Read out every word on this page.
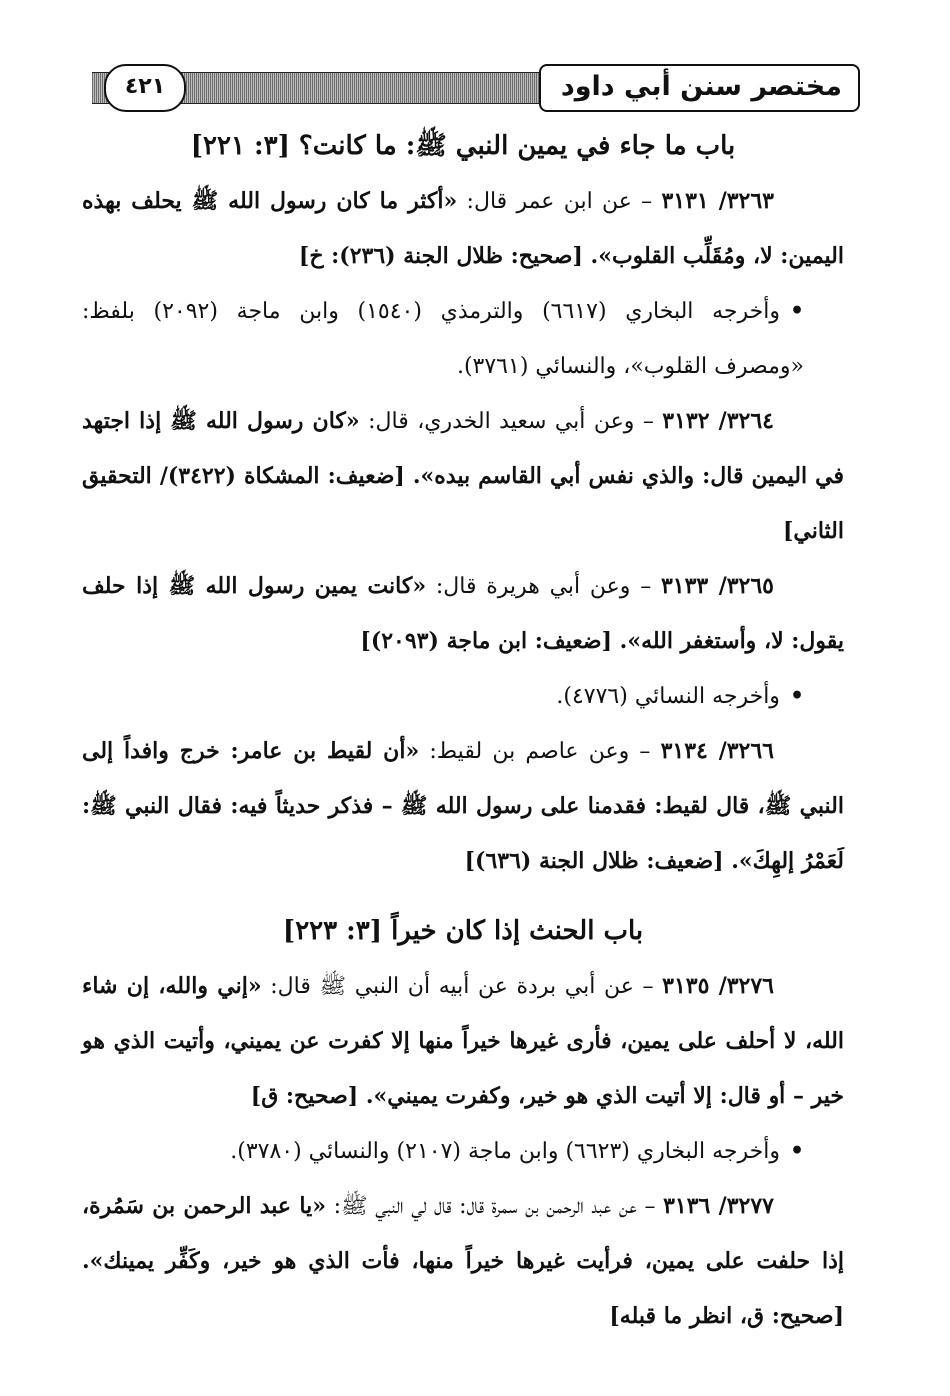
مختصر سنن أبي داود
٤٢١
باب ما جاء في يمين النبي ﷺ: ما كانت؟ [٣: ٢٢١]

٣٢٦٣/ ٣١٣١ – عن ابن عمر قال: «أكثر ما كان رسول الله ﷺ يحلف بهذه اليمين: لا، ومُقَلِّب القلوب». [صحيح: ظلال الجنة (٢٣٦): خ]

•وأخرجه البخاري (٦٦١٧) والترمذي (١٥٤٠) وابن ماجة (٢٠٩٢) بلفظ: «ومصرف القلوب»، والنسائي (٣٧٦١).

٣٢٦٤/ ٣١٣٢ – وعن أبي سعيد الخدري، قال: «كان رسول الله ﷺ إذا اجتهد في اليمين قال: والذي نفس أبي القاسم بيده». [ضعيف: المشكاة (٣٤٢٢)/ التحقيق الثاني]

٣٢٦٥/ ٣١٣٣ – وعن أبي هريرة قال: «كانت يمين رسول الله ﷺ إذا حلف يقول: لا، وأستغفر الله». [ضعيف: ابن ماجة (٢٠٩٣)]

•وأخرجه النسائي (٤٧٧٦).

٣٢٦٦/ ٣١٣٤ – وعن عاصم بن لقيط: «أن لقيط بن عامر: خرج وافداً إلى النبي ﷺ، قال لقيط: فقدمنا على رسول الله ﷺ – فذكر حديثاً فيه: فقال النبي ﷺ: لَعَمْرُ إلهِكَ». [ضعيف: ظلال الجنة (٦٣٦)]

باب الحنث إذا كان خيراً [٣: ٢٢٣]

٣٢٧٦/ ٣١٣٥ – عن أبي بردة عن أبيه أن النبي ﷺ قال: «إني والله، إن شاء الله، لا أحلف على يمين، فأرى غيرها خيراً منها إلا كفرت عن يميني، وأتيت الذي هو خير – أو قال: إلا أتيت الذي هو خير، وكفرت يميني». [صحيح: ق]

•وأخرجه البخاري (٦٦٢٣) وابن ماجة (٢١٠٧) والنسائي (٣٧٨٠).

٣٢٧٧/ ٣١٣٦ – عن عبد الرحمن بن سمرة قال: قال لي النبي ﷺ: «يا عبد الرحمن بن سَمُرة، إذا حلفت على يمين، فرأيت غيرها خيراً منها، فأت الذي هو خير، وكَفِّر يمينك». [صحيح: ق، انظر ما قبله]
